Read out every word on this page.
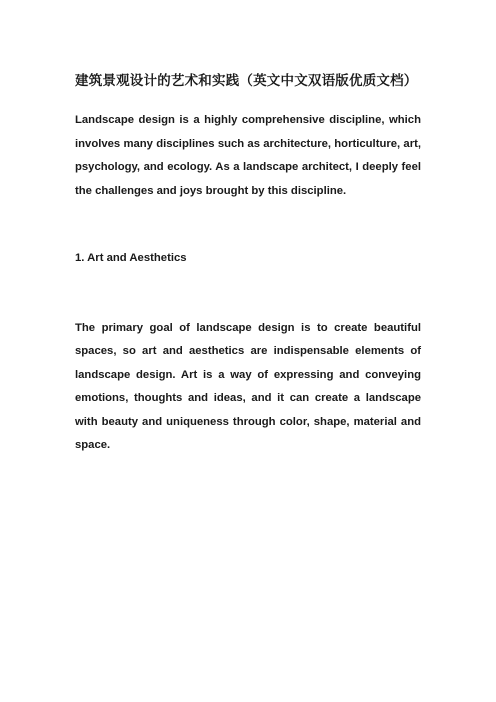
建筑景观设计的艺术和实践（英文中文双语版优质文档）

Landscape design is a highly comprehensive discipline, which involves many disciplines such as architecture, horticulture, art, psychology, and ecology. As a landscape architect, I deeply feel the challenges and joys brought by this discipline.

1. Art and Aesthetics

The primary goal of landscape design is to create beautiful spaces, so art and aesthetics are indispensable elements of landscape design. Art is a way of expressing and conveying emotions, thoughts and ideas, and it can create a landscape with beauty and uniqueness through color, shape, material and space.
